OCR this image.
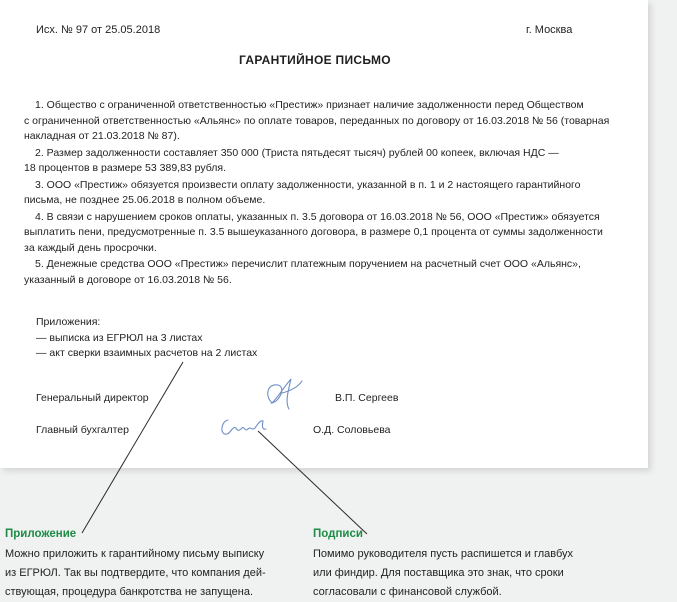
Исх. № 97 от 25.05.2018	г. Москва
ГАРАНТИЙНОЕ ПИСЬМО

1. Общество с ограниченной ответственностью «Престиж» признает наличие задолженности перед Обществом
с ограниченной ответственностью «Альянс» по оплате товаров, переданных по договору от 16.03.2018 № 56 (товарная
накладная от 21.03.2018 № 87).

2. Размер задолженности составляет 350 000 (Триста пятьдесят тысяч) рублей 00 копеек, включая НДС —
18 процентов в размере 53 389,83 рубля.

3. ООО «Престиж» обязуется произвести оплату задолженности, указанной в п. 1 и 2 настоящего гарантийного
письма, не позднее 25.06.2018 в полном объеме.

4. В связи с нарушением сроков оплаты, указанных п. 3.5 договора от 16.03.2018 № 56, ООО «Престиж» обязуется
выплатить пени, предусмотренные п. 3.5 вышеуказанного договора, в размере 0,1 процента от суммы задолженности
за каждый день просрочки.

5. Денежные средства ООО «Престиж» перечислит платежным поручением на расчетный счет ООО «Альянс»,
указанный в договоре от 16.03.2018 № 56.

Приложения:
— выписка из ЕГРЮЛ на 3 листах
— акт сверки взаимных расчетов на 2 листах
Генеральный директор	В.П. Сергеев
Главный бухгалтер	О.Д. Соловьева
Приложение
Можно приложить к гарантийному письму выписку
из ЕГРЮЛ. Так вы подтвердите, что компания дей-
ствующая, процедура банкротства не запущена.
Подписи
Помимо руководителя пусть распишется и главбух
или финдир. Для поставщика это знак, что сроки
согласовали с финансовой службой.
